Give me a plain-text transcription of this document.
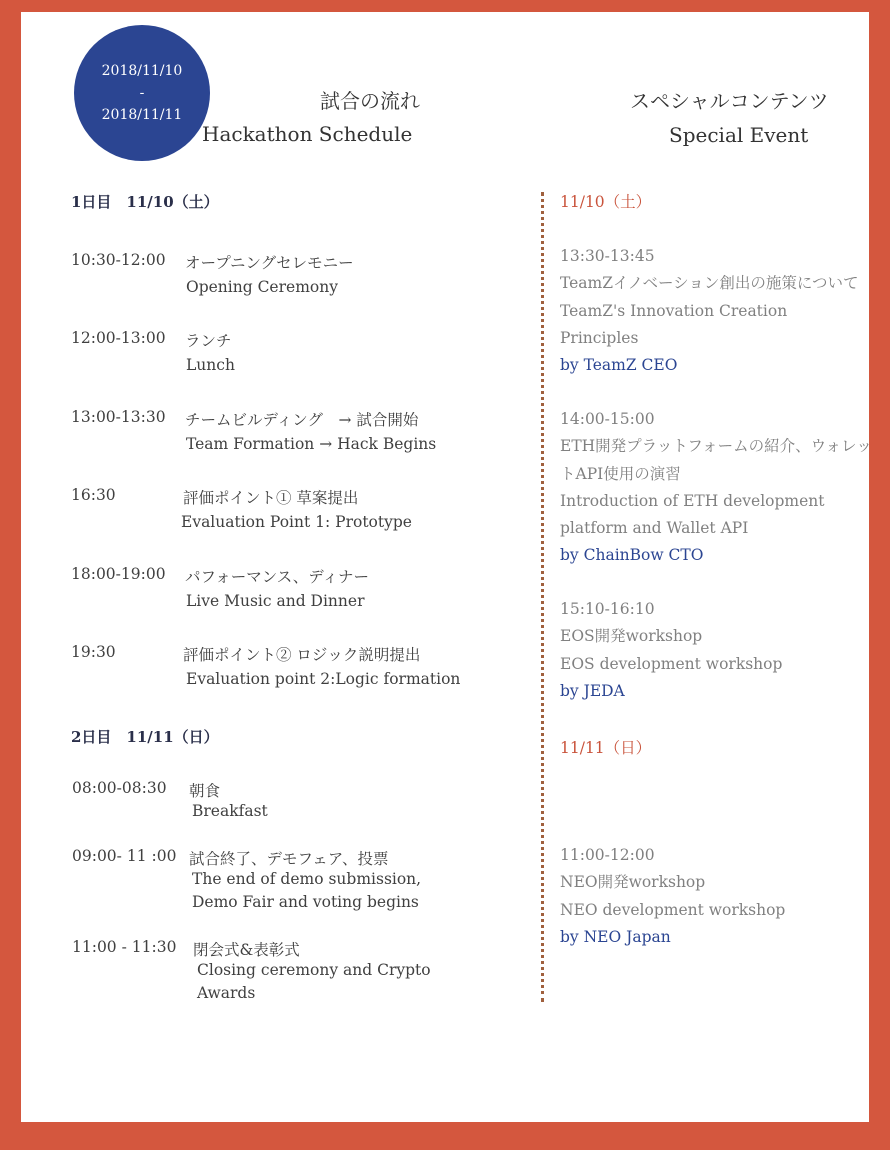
2018/11/10
-
2018/11/11
試合の流れ
Hackathon Schedule
スペシャルコンテンツ
Special Event
1日目　11/10（土）
10:30-12:00 オープニングセレモニー
Opening Ceremony
12:00-13:00 ランチ
Lunch
13:00-13:30 チームビルディング　→ 試合開始
Team Formation → Hack Begins
16:30	評価ポイント① 草案提出
Evaluation Point 1: Prototype
18:00-19:00 パフォーマンス、ディナー
Live Music and Dinner
19:30	評価ポイント② ロジック説明提出
Evaluation point 2:Logic formation
2日目　11/11（日）
08:00-08:30 朝食
Breakfast
09:00- 11 :00 試合終了、デモフェア、投票
The end of demo submission,
Demo Fair and voting begins
11:00 - 11:30 閉会式&表彰式
Closing ceremony and Crypto
Awards
11/10（土）
13:30-13:45
TeamZイノベーション創出の施策について
TeamZ's Innovation Creation
Principles
by TeamZ CEO
14:00-15:00
ETH開発プラットフォームの紹介、ウォレッ
トAPI使用の演習
Introduction of ETH development
platform and Wallet API
by ChainBow CTO
15:10-16:10
EOS開発workshop
EOS development workshop
by JEDA
11/11（日）
11:00-12:00
NEO開発workshop
NEO development workshop
by NEO Japan
